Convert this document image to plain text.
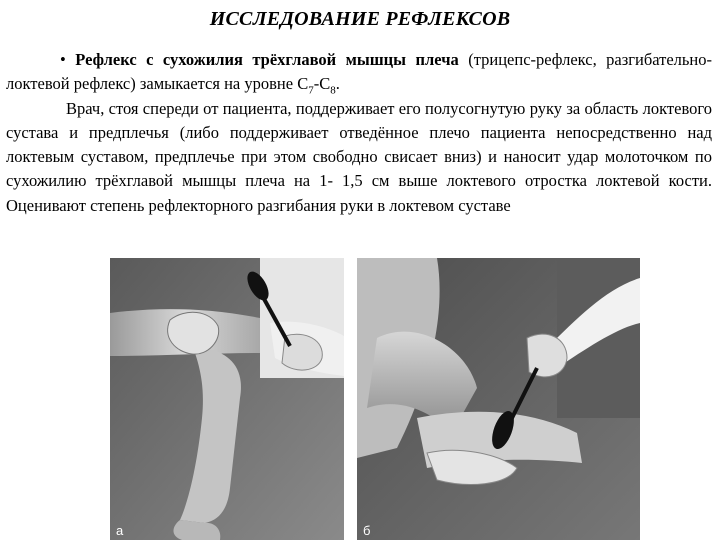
ИССЛЕДОВАНИЕ РЕФЛЕКСОВ

• Рефлекс с сухожилия трёхглавой мышцы плеча (трицепс-рефлекс, разгибательно-локтевой рефлекс) замыкается на уровне $С_7-С_8$.

Врач, стоя спереди от пациента, поддерживает его полусогнутую руку за область локтевого сустава и предплечья (либо поддерживает отведённое плечо пациента непосредственно над локтевым суставом, предплечье при этом свободно свисает вниз) и наносит удар молоточком по сухожилию трёхглавой мышцы плеча на 1- 1,5 см выше локтевого отростка локтевой кости. Оценивают степень рефлекторного разгибания руки в локтевом суставе

а	б
